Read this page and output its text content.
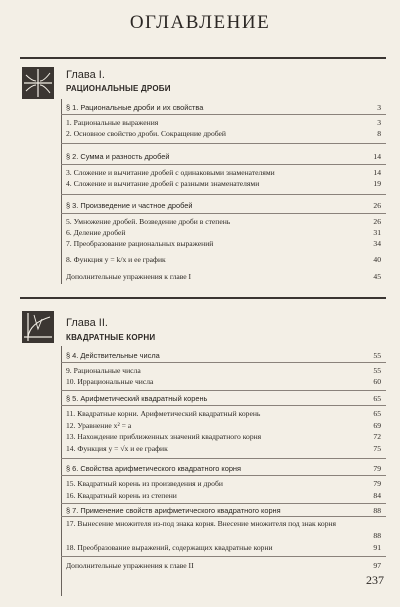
ОГЛАВЛЕНИЕ
Глава I.
РАЦИОНАЛЬНЫЕ ДРОБИ
§ 1. Рациональные дроби и их свойства	3
1. Рациональные выражения	3
2. Основное свойство дроби. Сокращение дробей	8
§ 2. Сумма и разность дробей	14
3. Сложение и вычитание дробей с одинаковыми знаменателями	14
4. Сложение и вычитание дробей с разными знаменателями	19
§ 3. Произведение и частное дробей	26
5. Умножение дробей. Возведение дроби в степень	26
6. Деление дробей	31
7. Преобразование рациональных выражений	34
8. Функция y = k/x и ее график	40
Дополнительные упражнения к главе I	45
Глава II.
КВАДРАТНЫЕ КОРНИ
§ 4. Действительные числа	55
9. Рациональные числа	55
10. Иррациональные числа	60
§ 5. Арифметический квадратный корень	65
11. Квадратные корни. Арифметический квадратный корень	65
12. Уравнение x² = a	69
13. Нахождение приближенных значений квадратного корня	72
14. Функция y = √x и ее график	75
§ 6. Свойства арифметического квадратного корня	79
15. Квадратный корень из произведения и дроби	79
16. Квадратный корень из степени	84
§ 7. Применение свойств арифметического квадратного корня	88
17. Вынесение множителя из-под знака корня. Внесение множителя под знак корня
88
18. Преобразование выражений, содержащих квадратные корни	91
Дополнительные упражнения к главе II	97
237
